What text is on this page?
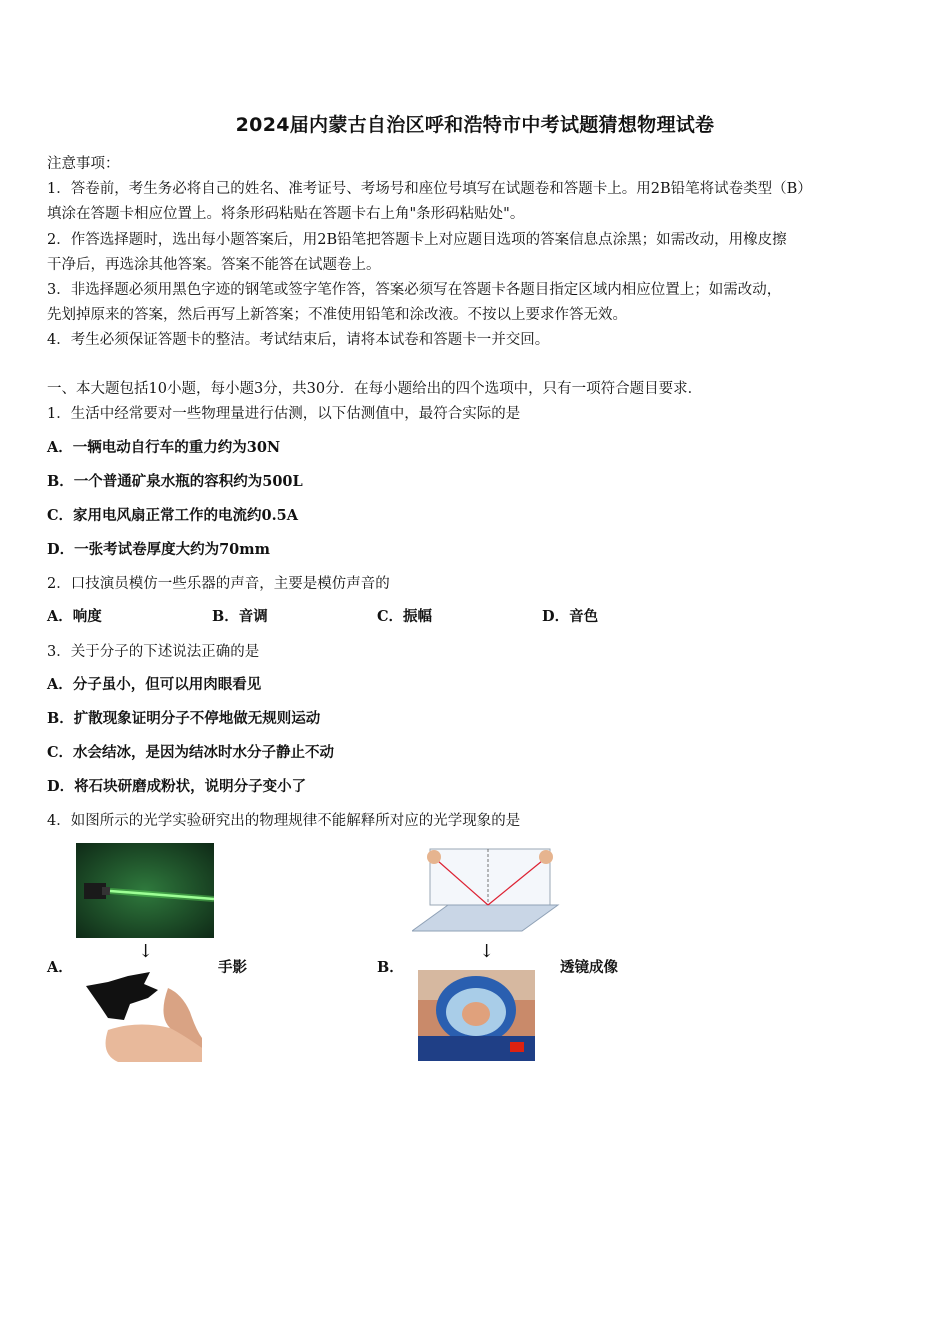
2024届内蒙古自治区呼和浩特市中考试题猜想物理试卷
注意事项：
1．答卷前，考生务必将自己的姓名、准考证号、考场号和座位号填写在试题卷和答题卡上。用2B铅笔将试卷类型（B）
填涂在答题卡相应位置上。将条形码粘贴在答题卡右上角"条形码粘贴处"。
2．作答选择题时，选出每小题答案后，用2B铅笔把答题卡上对应题目选项的答案信息点涂黑；如需改动，用橡皮擦
干净后，再选涂其他答案。答案不能答在试题卷上。
3．非选择题必须用黑色字迹的钢笔或签字笔作答，答案必须写在答题卡各题目指定区域内相应位置上；如需改动，
先划掉原来的答案，然后再写上新答案；不准使用铅笔和涂改液。不按以上要求作答无效。
4．考生必须保证答题卡的整洁。考试结束后，请将本试卷和答题卡一并交回。
一、本大题包括10小题，每小题3分，共30分．在每小题给出的四个选项中，只有一项符合题目要求．
1．生活中经常要对一些物理量进行估测，以下估测值中，最符合实际的是
A．一辆电动自行车的重力约为30N
B．一个普通矿泉水瓶的容积约为500L
C．家用电风扇正常工作的电流约0.5A
D．一张考试卷厚度大约为70mm
2．口技演员模仿一些乐器的声音，主要是模仿声音的
A．响度	B．音调	C．振幅	D．音色
3．关于分子的下述说法正确的是
A．分子虽小，但可以用肉眼看见
B．扩散现象证明分子不停地做无规则运动
C．水会结冰，是因为结冰时水分子静止不动
D．将石块研磨成粉状，说明分子变小了
4．如图所示的光学实验研究出的物理规律不能解释所对应的光学现象的是
↓
A．	手影
↓
B．	透镜成像
